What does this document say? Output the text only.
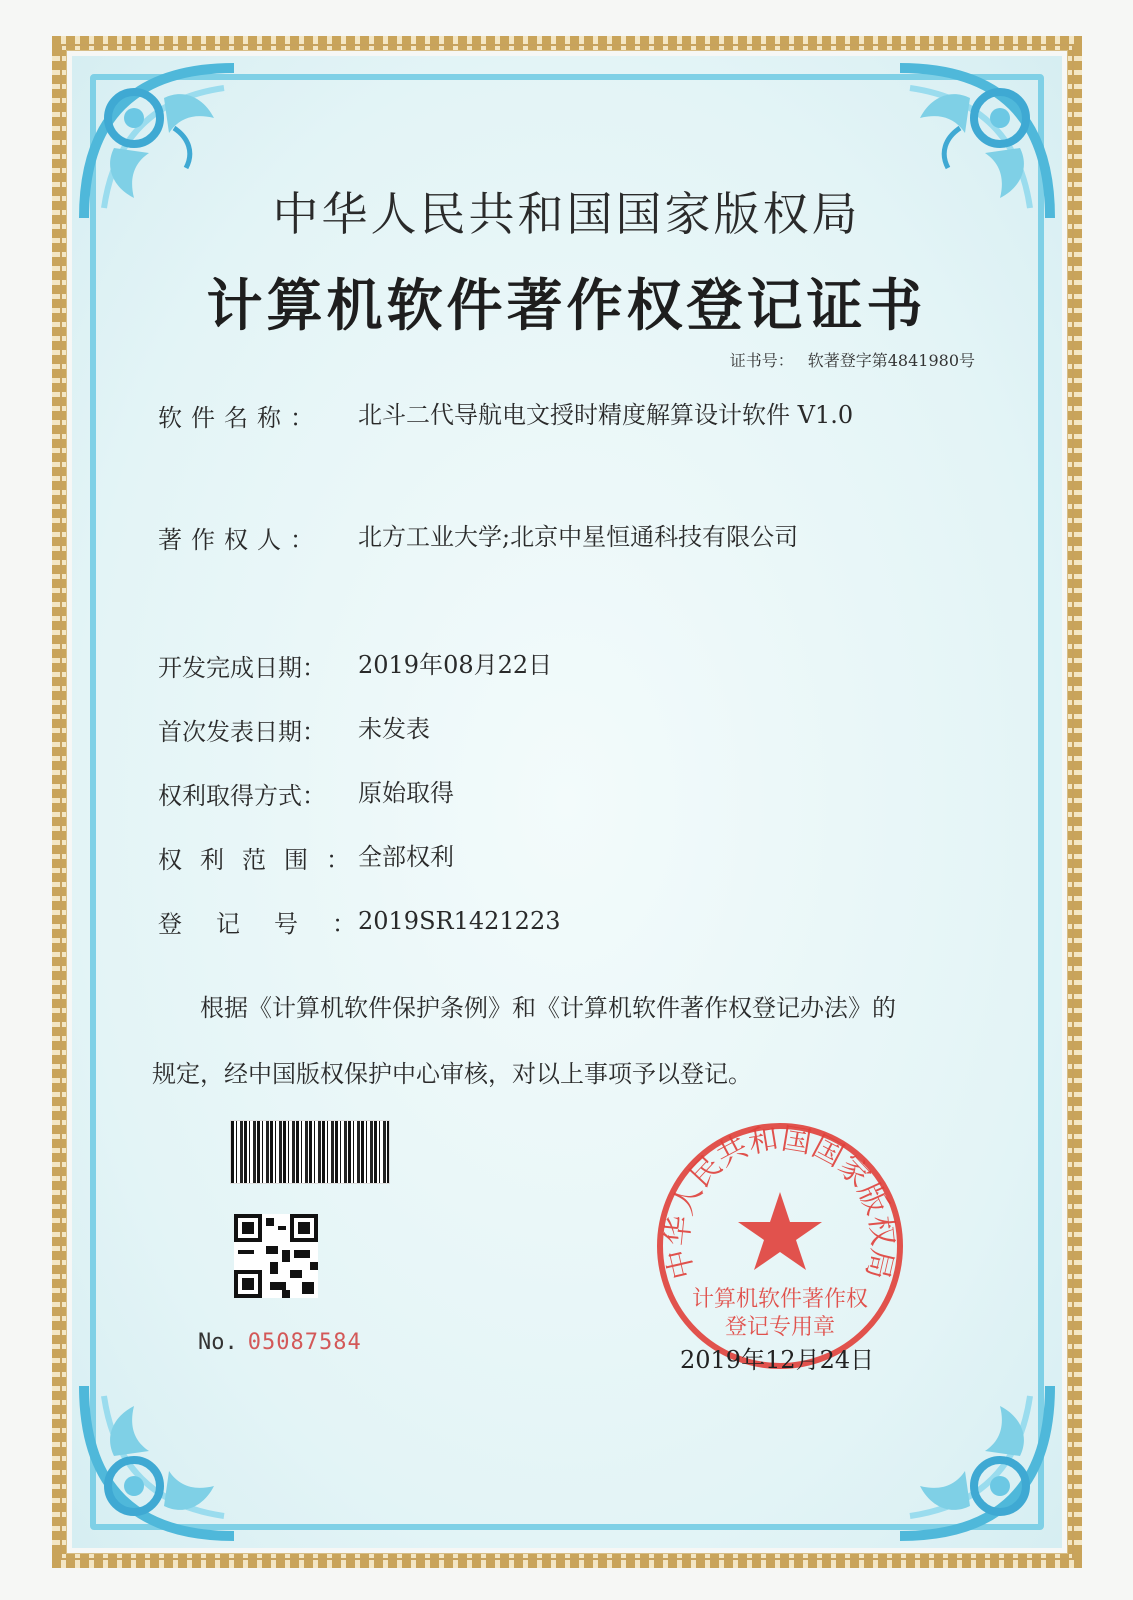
中华人民共和国国家版权局
计算机软件著作权登记证书
证书号： 软著登字第4841980号
软件名称：	北斗二代导航电文授时精度解算设计软件 V1.0
著作权人：	北方工业大学;北京中星恒通科技有限公司
开发完成日期：	2019年08月22日
首次发表日期：	未发表
权利取得方式：	原始取得
权利范围：
全部权利
登记号：
2019SR1421223
根据《计算机软件保护条例》和《计算机软件著作权登记办法》的
规定，经中国版权保护中心审核，对以上事项予以登记。
No. 05087584
中华人民共和国国家版权局
计算机软件著作权
登记专用章
2019年12月24日
